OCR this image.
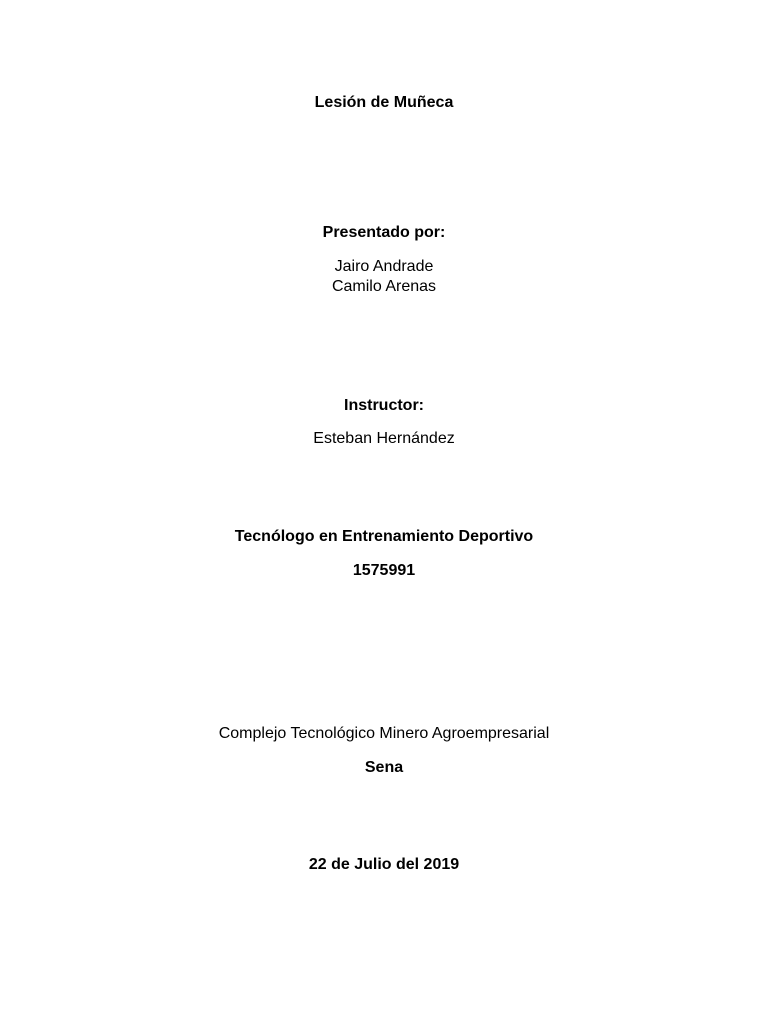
Lesión de Muñeca
Presentado por:
Jairo Andrade
Camilo Arenas
Instructor:
Esteban Hernández
Tecnólogo en Entrenamiento Deportivo
1575991
Complejo Tecnológico Minero Agroempresarial
Sena
22 de Julio del 2019
